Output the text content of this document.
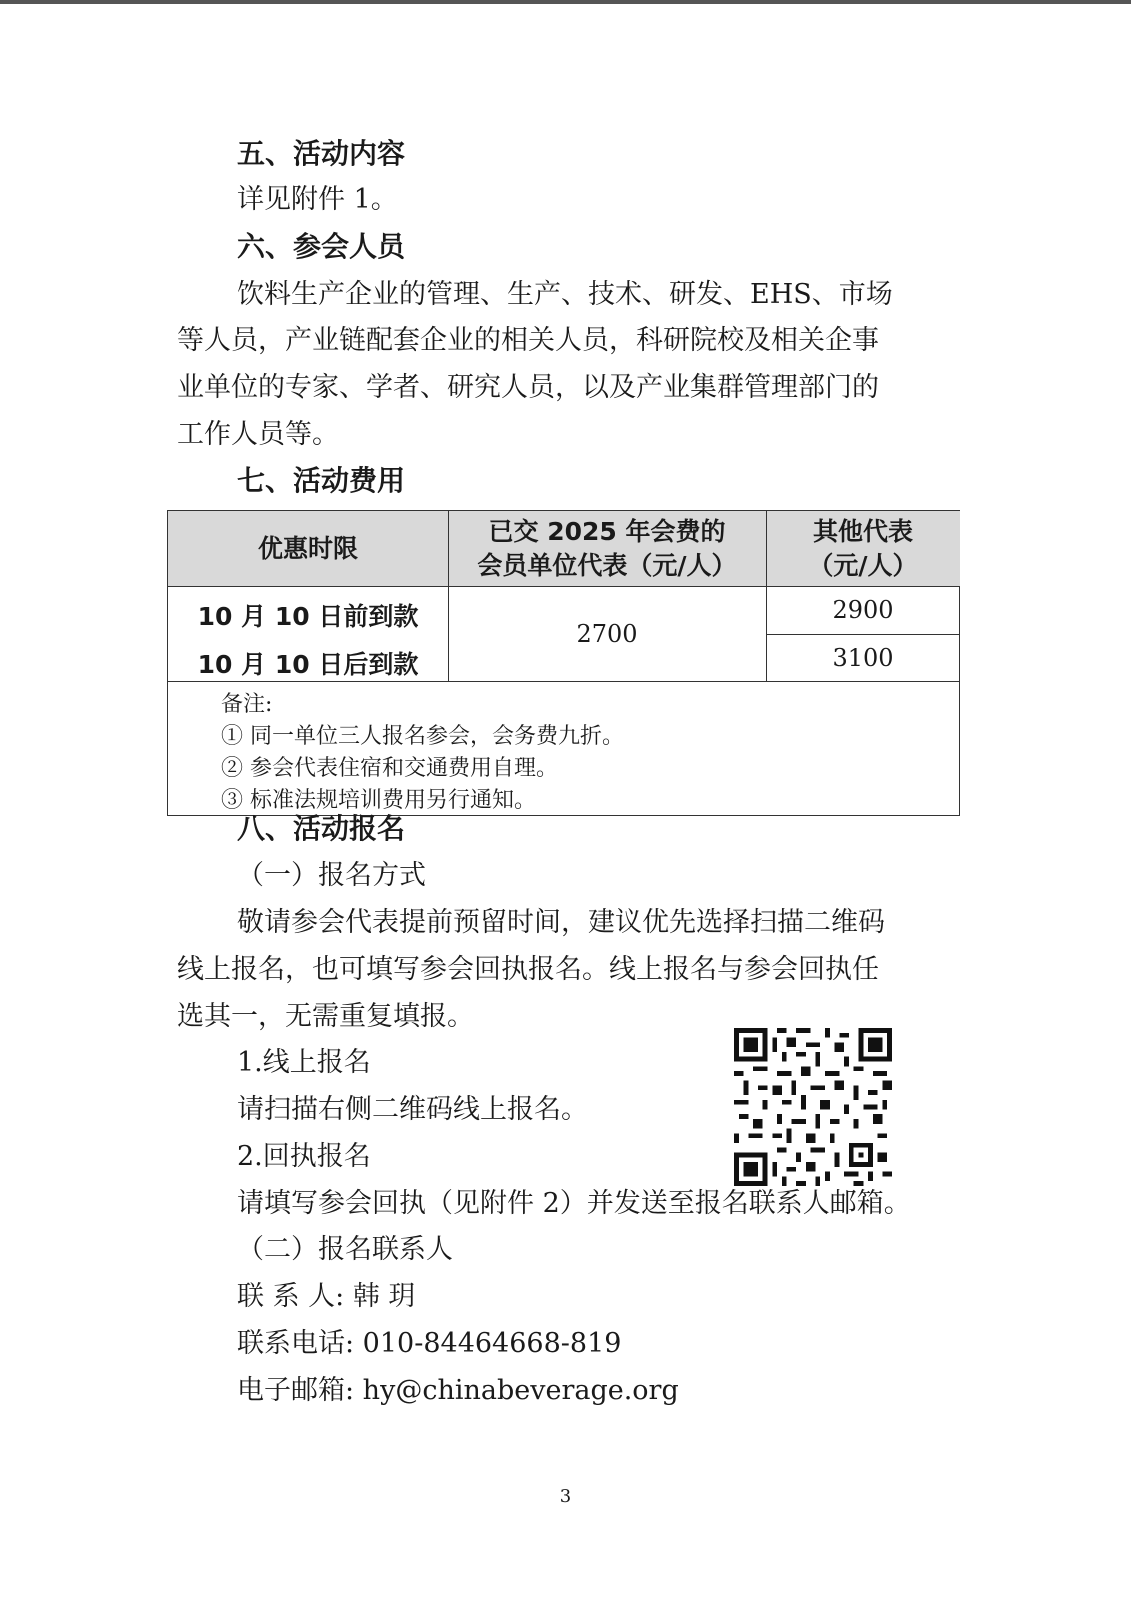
五、活动内容
详见附件 1。
六、参会人员
饮料生产企业的管理、生产、技术、研发、EHS、市场
等人员，产业链配套企业的相关人员，科研院校及相关企事
业单位的专家、学者、研究人员，以及产业集群管理部门的
工作人员等。
七、活动费用
优惠时限
已交 2025 年会费的
会员单位代表（元/人）
其他代表
（元/人）
10 月 10 日前到款
10 月 10 日后到款
2700
2900
3100
备注:
① 同一单位三人报名参会，会务费九折。
② 参会代表住宿和交通费用自理。
③ 标准法规培训费用另行通知。
八、活动报名
（一）报名方式
敬请参会代表提前预留时间，建议优先选择扫描二维码
线上报名，也可填写参会回执报名。线上报名与参会回执任
选其一，无需重复填报。
1.线上报名
请扫描右侧二维码线上报名。
2.回执报名
请填写参会回执（见附件 2）并发送至报名联系人邮箱。
（二）报名联系人
联 系 人: 韩 玥
联系电话: 010-84464668-819
电子邮箱: hy@chinabeverage.org
3
